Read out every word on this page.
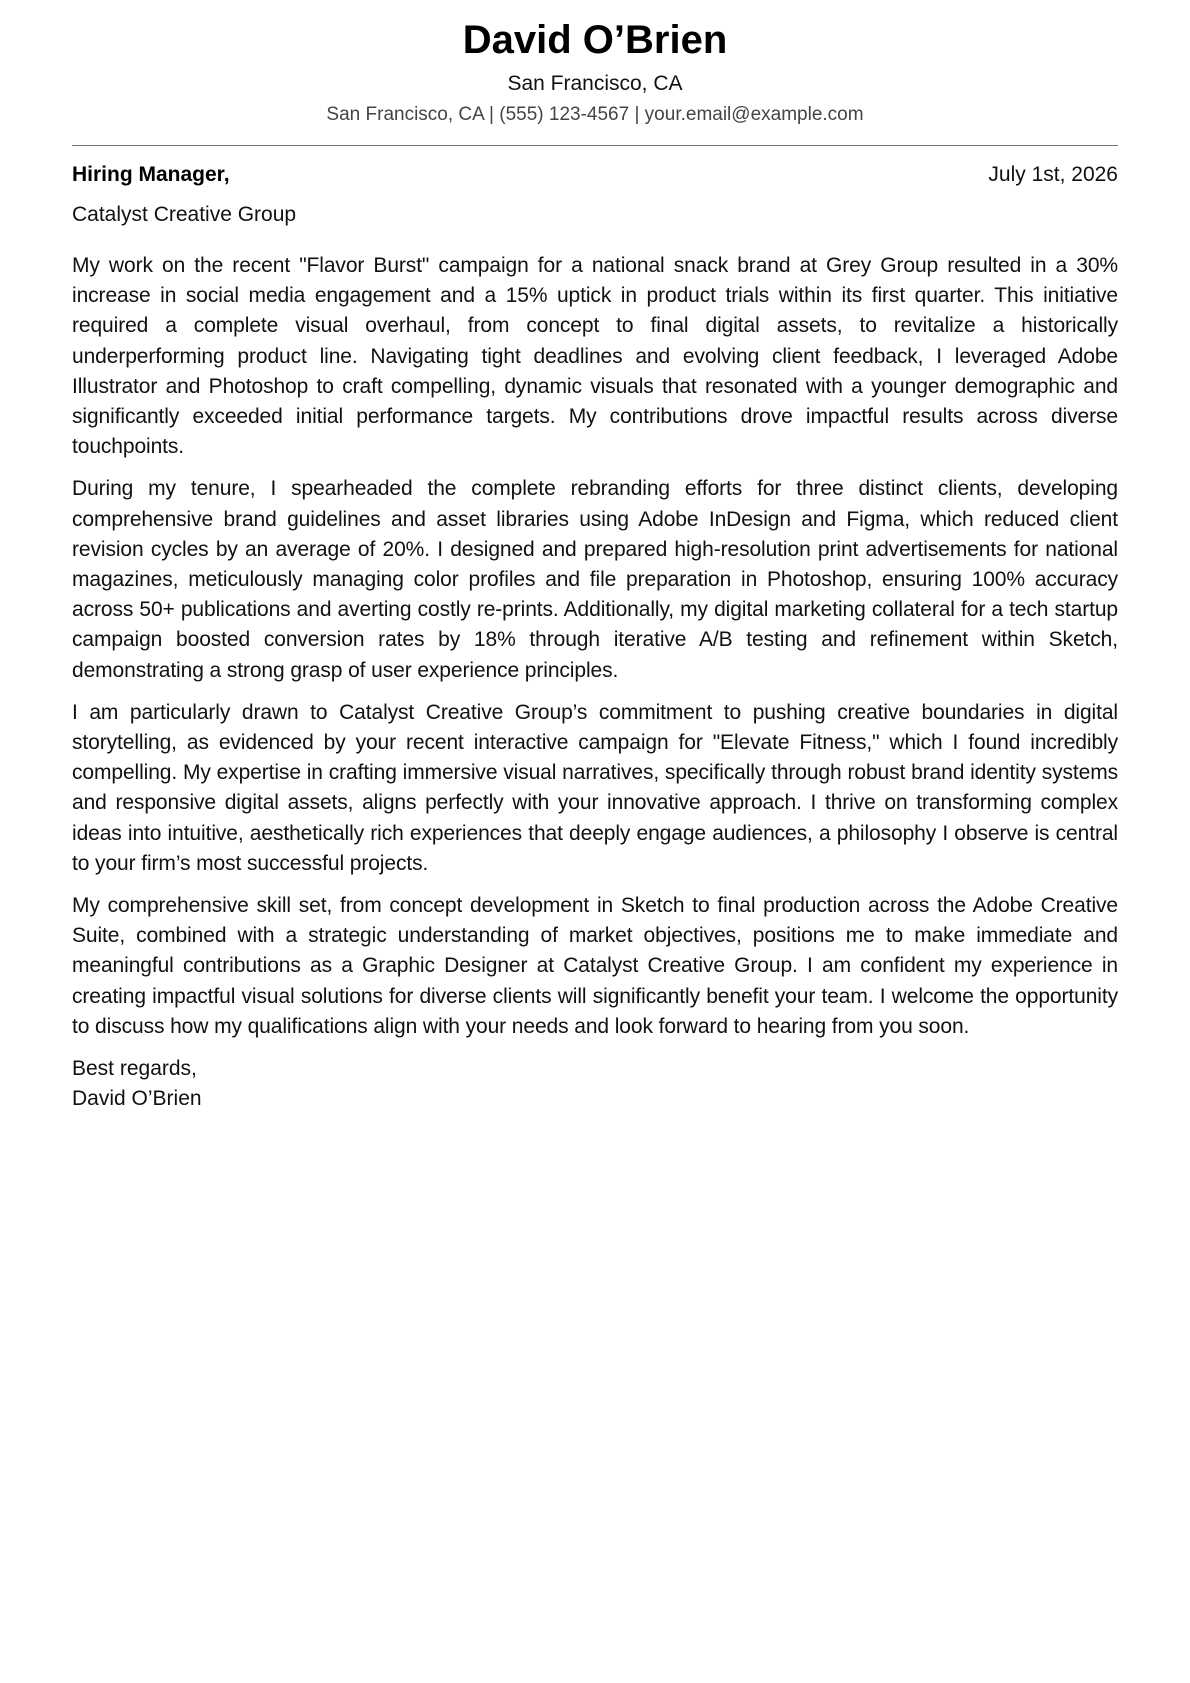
David O’Brien
San Francisco, CA
San Francisco, CA | (555) 123-4567 | your.email@example.com
Hiring Manager,	July 1st, 2026
Catalyst Creative Group

My work on the recent "Flavor Burst" campaign for a national snack brand at Grey Group resulted in a 30% increase in social media engagement and a 15% uptick in product trials within its first quarter. This initiative required a complete visual overhaul, from concept to final digital assets, to revitalize a historically underperforming product line. Navigating tight deadlines and evolving client feedback, I leveraged Adobe Illustrator and Photoshop to craft compelling, dynamic visuals that resonated with a younger demographic and significantly exceeded initial performance targets. My contributions drove impactful results across diverse touchpoints.

During my tenure, I spearheaded the complete rebranding efforts for three distinct clients, developing comprehensive brand guidelines and asset libraries using Adobe InDesign and Figma, which reduced client revision cycles by an average of 20%. I designed and prepared high-resolution print advertisements for national magazines, meticulously managing color profiles and file preparation in Photoshop, ensuring 100% accuracy across 50+ publications and averting costly re-prints. Additionally, my digital marketing collateral for a tech startup campaign boosted conversion rates by 18% through iterative A/B testing and refinement within Sketch, demonstrating a strong grasp of user experience principles.

I am particularly drawn to Catalyst Creative Group’s commitment to pushing creative boundaries in digital storytelling, as evidenced by your recent interactive campaign for "Elevate Fitness," which I found incredibly compelling. My expertise in crafting immersive visual narratives, specifically through robust brand identity systems and responsive digital assets, aligns perfectly with your innovative approach. I thrive on transforming complex ideas into intuitive, aesthetically rich experiences that deeply engage audiences, a philosophy I observe is central to your firm’s most successful projects.

My comprehensive skill set, from concept development in Sketch to final production across the Adobe Creative Suite, combined with a strategic understanding of market objectives, positions me to make immediate and meaningful contributions as a Graphic Designer at Catalyst Creative Group. I am confident my experience in creating impactful visual solutions for diverse clients will significantly benefit your team. I welcome the opportunity to discuss how my qualifications align with your needs and look forward to hearing from you soon.

Best regards,
David O’Brien
